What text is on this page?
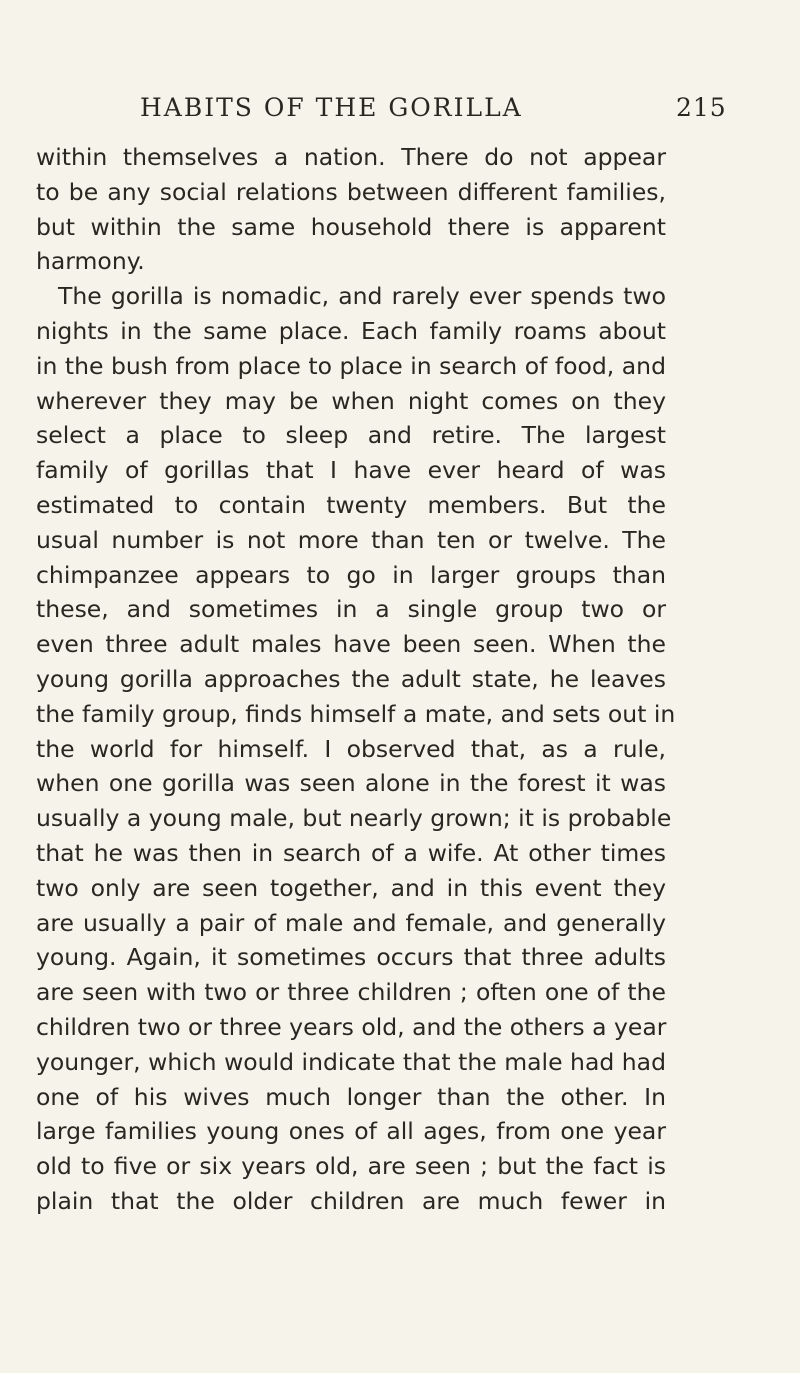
HABITS OF THE GORILLA	215
within themselves a nation. There do not appear
to be any social relations between different families,
but within the same household there is apparent
harmony.
The gorilla is nomadic, and rarely ever spends two
nights in the same place. Each family roams about
in the bush from place to place in search of food, and
wherever they may be when night comes on they
select a place to sleep and retire. The largest
family of gorillas that I have ever heard of was
estimated to contain twenty members. But the
usual number is not more than ten or twelve. The
chimpanzee appears to go in larger groups than
these, and sometimes in a single group two or
even three adult males have been seen. When the
young gorilla approaches the adult state, he leaves
the family group, finds himself a mate, and sets out in
the world for himself. I observed that, as a rule,
when one gorilla was seen alone in the forest it was
usually a young male, but nearly grown; it is probable
that he was then in search of a wife. At other times
two only are seen together, and in this event they
are usually a pair of male and female, and generally
young. Again, it sometimes occurs that three adults
are seen with two or three children ; often one of the
children two or three years old, and the others a year
younger, which would indicate that the male had had
one of his wives much longer than the other. In
large families young ones of all ages, from one year
old to five or six years old, are seen ; but the fact is
plain that the older children are much fewer in
